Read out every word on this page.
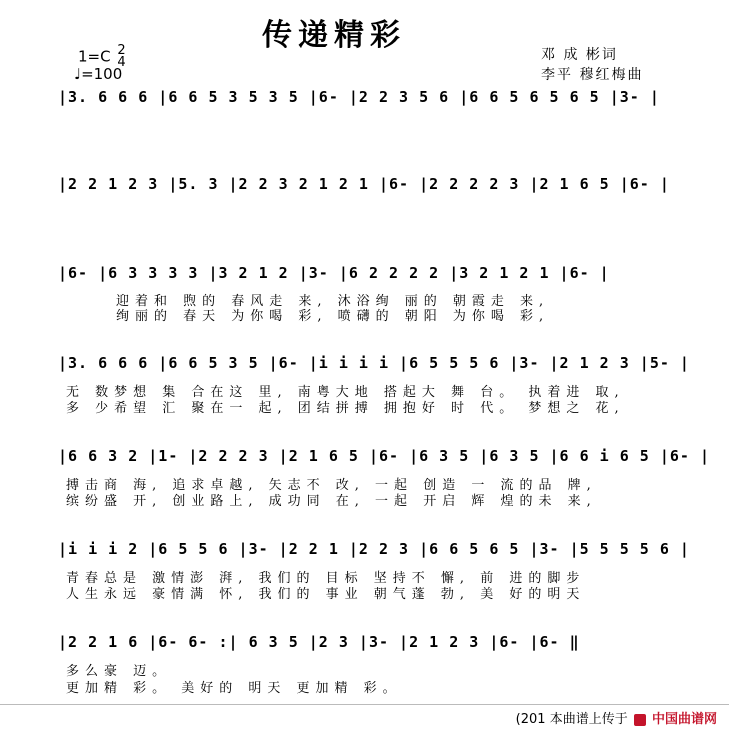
传递精彩
1=C 2
4
♩=100
邓 成 彬词
李平 穆红梅曲
|3. 6 6 6 |6 6 5 3 5 3 5 |6- |2 2 3 5 6 |6 6 5 6 5 6 5 |3- |
|2 2 1 2 3 |5. 3 |2 2 3 2 1 2 1 |6- |2 2 2 2 3 |2 1 6 5 |6- |
|6- |6 3 3 3 3 |3 2 1 2 |3- |6 2 2 2 2 |3 2 1 2 1 |6- |
迎着和 煦的 春风走 来, 沐浴绚 丽的 朝霞走 来,
绚丽的 春天 为你喝 彩, 喷礴的 朝阳 为你喝 彩,
|3. 6 6 6 |6 6 5 3 5 |6- |i i i i |6 5 5 5 6 |3- |2 1 2 3 |5- |
无 数梦想 集 合在这 里, 南粤大地 搭起大 舞 台。 执着进 取,
多 少希望 汇 聚在一 起, 团结拼搏 拥抱好 时 代。 梦想之 花,
|6 6 3 2 |1- |2 2 2 3 |2 1 6 5 |6- |6 3 5 |6 3 5 |6 6 i 6 5 |6- |
搏击商 海, 追求卓越, 矢志不 改, 一起 创造 一 流的品 牌,
缤纷盛 开, 创业路上, 成功同 在, 一起 开启 辉 煌的未 来,
|i i i 2 |6 5 5 6 |3- |2 2 1 |2 2 3 |6 6 5 6 5 |3- |5 5 5 5 6 |
青春总是 激情澎 湃, 我们的 目标 坚持不 懈, 前 进的脚步
人生永远 豪情满 怀, 我们的 事业 朝气蓬 勃, 美 好的明天
|2 2 1 6 |6- 6- :| 6 3 5 |2 3 |3- |2 1 2 3 |6- |6- ‖
多么豪 迈。
更加精 彩。 美好的 明天 更加精 彩。
(201 本曲谱上传于 中国曲谱网
